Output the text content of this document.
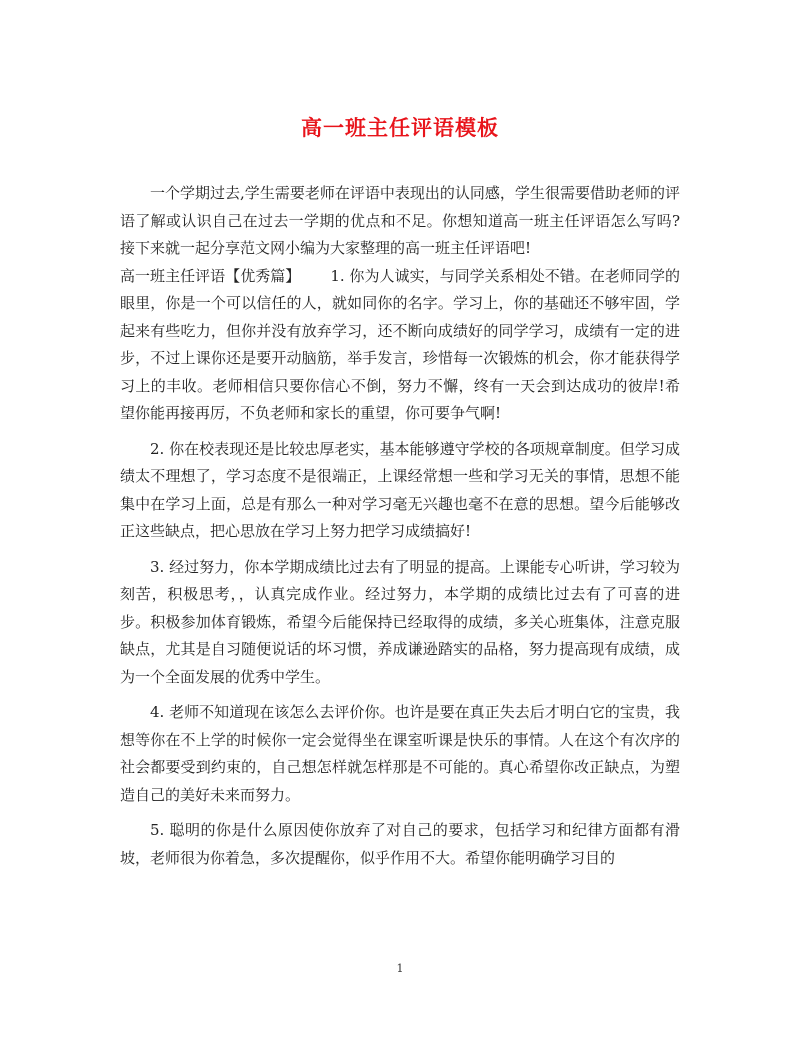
高一班主任评语模板

一个学期过去,学生需要老师在评语中表现出的认同感，学生很需要借助老师的评语了解或认识自己在过去一学期的优点和不足。你想知道高一班主任评语怎么写吗?接下来就一起分享范文网小编为大家整理的高一班主任评语吧!

高一班主任评语【优秀篇】 1. 你为人诚实，与同学关系相处不错。在老师同学的眼里，你是一个可以信任的人，就如同你的名字。学习上，你的基础还不够牢固，学起来有些吃力，但你并没有放弃学习，还不断向成绩好的同学学习，成绩有一定的进步，不过上课你还是要开动脑筋，举手发言，珍惜每一次锻炼的机会，你才能获得学习上的丰收。老师相信只要你信心不倒，努力不懈，终有一天会到达成功的彼岸!希望你能再接再厉，不负老师和家长的重望，你可要争气啊!

2. 你在校表现还是比较忠厚老实，基本能够遵守学校的各项规章制度。但学习成绩太不理想了，学习态度不是很端正，上课经常想一些和学习无关的事情，思想不能集中在学习上面，总是有那么一种对学习毫无兴趣也毫不在意的思想。望今后能够改正这些缺点，把心思放在学习上努力把学习成绩搞好!

3. 经过努力，你本学期成绩比过去有了明显的提高。上课能专心听讲，学习较为刻苦，积极思考，，认真完成作业。经过努力，本学期的成绩比过去有了可喜的进步。积极参加体育锻炼，希望今后能保持已经取得的成绩，多关心班集体，注意克服缺点，尤其是自习随便说话的坏习惯，养成谦逊踏实的品格，努力提高现有成绩，成为一个全面发展的优秀中学生。

4. 老师不知道现在该怎么去评价你。也许是要在真正失去后才明白它的宝贵，我想等你在不上学的时候你一定会觉得坐在课室听课是快乐的事情。人在这个有次序的社会都要受到约束的，自己想怎样就怎样那是不可能的。真心希望你改正缺点，为塑造自己的美好未来而努力。

5. 聪明的你是什么原因使你放弃了对自己的要求，包括学习和纪律方面都有滑坡，老师很为你着急，多次提醒你，似乎作用不大。希望你能明确学习目的

1
